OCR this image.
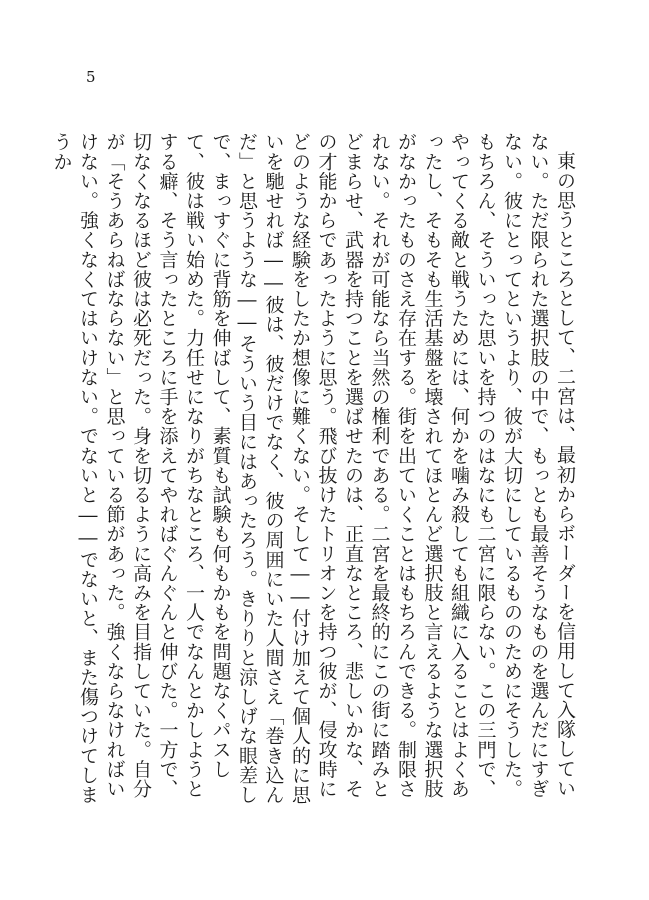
5

東の思うところとして、二宮は、最初からボーダーを信用して入隊していない。ただ限られた選択肢の中で、もっとも最善そうなものを選んだにすぎない。彼にとってというより、彼が大切にしているもののためにそうした。もちろん、そういった思いを持つのはなにも二宮に限らない。この三門で、やってくる敵と戦うためには、何かを噛み殺しても組織に入ることはよくあったし、そもそも生活基盤を壊されてほとんど選択肢と言えるような選択肢がなかったものさえ存在する。街を出ていくことはもちろんできる。制限されない。それが可能なら当然の権利である。二宮を最終的にこの街に踏みとどまらせ、武器を持つことを選ばせたのは、正直なところ、悲しいかな、その才能からであったように思う。飛び抜けたトリオンを持つ彼が、侵攻時にどのような経験をしたか想像に難くない。そして――付け加えて個人的に思いを馳せれば――彼は、彼だけでなく、彼の周囲にいた人間さえ「巻き込んだ」と思うような――そういう目にはあったろう。きりりと涼しげな眼差しで、まっすぐに背筋を伸ばして、素質も試験も何もかもを問題なくパスして、彼は戦い始めた。力任せになりがちなところ、一人でなんとかしようとする癖、そう言ったところに手を添えてやればぐんぐんと伸びた。一方で、切なくなるほど彼は必死だった。身を切るように高みを目指していた。自分が「そうあらねばならない」と思っている節があった。強くならなければいけない。強くなくてはいけない。でないと――でないと、また傷つけてしまうか
